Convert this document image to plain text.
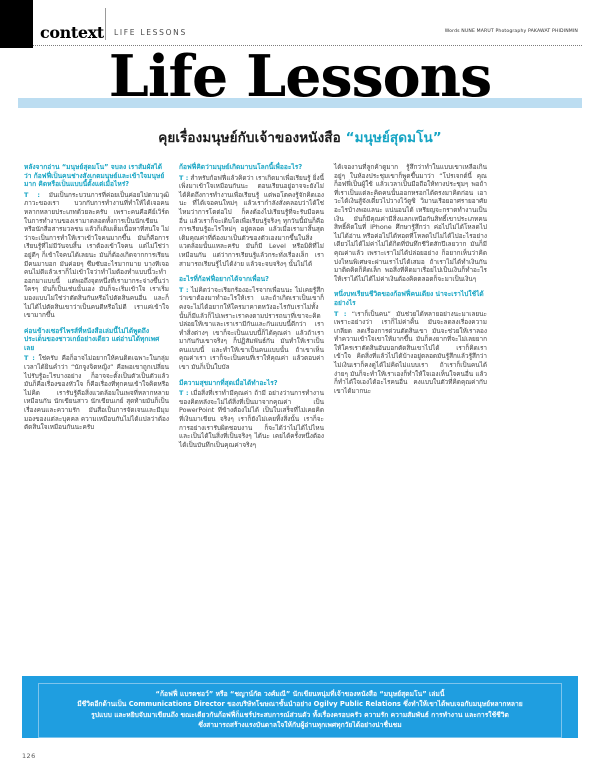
context LIFE LESSONS	Words NUNE MARUT Photography PAKAWAT PHIDINMIN
Life Lessons
คุยเรื่องมนุษย์กับเจ้าของหนังสือ “มนุษย์สุดมโน”

หลังจากอ่าน “มนุษย์สุดมโน” จบลง เราสัมผัสได้ว่า ก้อฟฟี่เป็นคนช่างสังเกตมนุษย์และเข้าใจมนุษย์มาก คิดหรือเป็นแบบนี้ตั้งแต่เมื่อไหร่?

T : มันเป็นกระบวนการที่ค่อยเป็นค่อยไปตามวุฒิภาวะของเรา บวกกับการทำงานที่ทำให้ได้เจอคนหลากหลายประเภทด้วยละครับ เพราะคนคือคีย์เวิร์ดในการทำงานของเรามาตลอดทั้งการเป็นนักเขียนหรือนักสื่อสารมวลชน แล้วก็เติมเต็มเนื้อหาที่สนใจ ไม่ว่าจะเป็นการทำให้เราเข้าใจคนมากขึ้น มันก็คือการเรียนรู้ที่ไม่มีวันจบสิ้น เราต้องเข้าใจคน แต่ไม่ใช่ว่าอยู่ดีๆ ก็เข้าใจคนได้เลยนะ มันก็ต้องเกิดจากการเรียน มีคนมาบอก มันค่อยๆ ซึมซับอะไรมากมาย บางทีเจอคนไม่ดีแล้วเราก็ไม่เข้าใจว่าทำไมต้องทำแบบนี้วะทำออกมาแบบนี้ แต่พอถึงจุดหนึ่งที่เรามากระจ่างขึ้นว่าใครๆ มันก็เป็นเช่นนั้นเอง มันก็จะเริ่มเข้าใจ เราเริ่มมองแบบไม่ใช่ว่าตัดสินกันหรือไปตัดสินคนอื่น และก็ไม่ได้ไปตัดสินเขาว่าเป็นคนดีหรือไม่ดี เราแค่เข้าใจเขามากขึ้น

ค่อนข้างเซอร์ไพรส์ที่หนังสือเล่มนี้ไม่ได้พูดถึงประเด็นของชาวเกย์อย่างเดียว แต่อ่านได้ทุกเพศเลย

T : ใช่ครับ คือก็อาจไม่อยากให้คนติดเฉพาะในกลุ่มเวลาได้ยินคำว่า “นักจูงจิตหญิง” คือพอเขาถูกเปลี่ยนไปรับรู้อะไรบางอย่าง ก็อาจจะตั้งเป็นตัวเป็นตัวแล้วมันก็คือเรื่องของหัวใจ ก็คือเรื่องที่ทุกคนเข้าใจคิดหรือไม่คิด เรารับรู้คือสิ่งแวดล้อมในเพจที่หลากหลายเหมือนกัน นักเขียนสาว นักเขียนเกย์ สุดท้ายมันก็เป็นเรื่องคนและความรัก มันสื่อเป็นการจัดเจนและมีมุมมองของแต่ละบุคคล ความเหมือนกันไม่ได้แปลว่าต้องตัดสินใจเหมือนกันนะครับ

ก้อฟฟี่คิดว่ามนุษย์เกิดมาบนโลกนี้เพื่ออะไร?

T : สำหรับก้อฟฟี่แล้วคิดว่า เราเกิดมาเพื่อเรียนรู้ ยิ่งนี้เพิ่งมาเข้าใจเหมือนกันนะ ตอนเรียนอยู่อาจจะยังไม่ได้คิดถึงการทำงานเพื่อเรียนรู้ แต่พอโตคงรู้จักคิดเองนะ ที่ได้เจอคนใหม่ๆ แล้วเรากำลังสั่งคลอบว่าได้ใช่ไหมว่าการโตต่อไป ก็คงต้องไปเรียนรู้ที่จะรับมือคนอื่น แล้วเราก็จะเติบโตเพื่อเรียนรู้จริงๆ ทุกวันนี้มันก็คือการเรียนรู้อะไรใหม่ๆ อยู่ตลอด แล้วเมื่อเรามาสิ้นสุดเติมคุณค่าที่ต้องมาเป็นตัวของตัวเองมากขึ้นในสิ่งแวดล้อมนั้นแหละครับ มันก็มี Level หรือมิติที่ไม่เหมือนกัน แต่ว่าการเรียนรู้แล้วกระทั่งเรื่องเล็ก เราสามารถเรียนรู้ไปได้ง่าย แล้วจะจบจริงๆ นั้นไม่ได้

อะไรที่ก้อฟฟี่อยากได้จากเพื่อน?

T : ไม่คิดว่าจะเรียกร้องอะไรจากเพื่อนนะ ไม่เคยรู้สึกว่าเขาต้องมาทำอะไรให้เรา และถ้าเกิดเราเป็นเขาก็คงจะไม่ได้อยากให้ใครมาคาดหวังอะไรกับเราไม่ทั้งนั้นก็มีแล้วก็ไปเพราะเราคงตามปรารถนาที่เขาจะคิด ปล่อยให้เขาและเราเรามีกันและกันแบบนี้ดีกว่า เราทำสิ่งต่างๆ เขาก็จะเป็นแบบนี้ก็ได้คุณค่า แล้วถ้าเรามากันกับเขาจริงๆ ก็ปฏิสัมพันธ์กัน มันทำให้เราเป็นคนแบบนี้ และทำให้เขาเป็นคนแบบนั้น ถ้าเขาเห็นคุณค่าเรา เราก็จะเป็นคนที่เราให้คุณค่า แล้วตอบค่าเขา มันก็เป็นใบบัล

มีความสุขมากที่สุดเมื่อได้ทำอะไร?

T : เมื่อสิ่งที่เราทำมีคุณค่า ถ้ามี อย่างว่านการทำงานของคิดหลังจะไม่ได้สิ่งที่เป็นมาจากคุณค่า เป็น PowerPoint ที่ข้างต้องไม่ได้ เป็นใบเสร็จที่ไม่เคยคิดที่เงินมาเขียน จริงๆ เราก็ยังไม่เคยทิ้งสิ่งนั้น เราก็จะการอย่างเรารับผิดชอบงาน ก็จะได้ว่าไม่ได้ไปไหน และเป็นได้ในสิ่งที่เป็นจริงๆ ได้นะ เคยได้ครั้งหนึ่งต้องได้เป็นบันทึกเป็นคุณค่าจริงๆ

ได้เจองานที่ลูกค้าดูมาก รู้สึกว่าทำในแบบเขาเหลือเกิน อยู่ๆ ในห้องประชุมเขาก็พูดขึ้นมาว่า “โปรเจกต์นี้ คุณก็อฟฟี่เป็นผู้ใช้ แล้วเวลาเป็นมือถือให้ทางประชุมๆ พอถ้า ที่เราเป็นแต่ละคิดคนนั้นออกหรอกได้ตรงมาคิดก่อน เอาวะได้เงินสู้จังเดี๋ยวไปวางไว้ดูซิ วิมานเรือยอาศรายอาศัยอะไรบ้างพอแลนะ แน่นอนได้ เหรียญจะกราดทำงานเป็นเงิน มันก็มีคุณค่ามีสิ่งแลกเหนือกันสิทธิ์เขาประเภทคนสิทธิ์คิดในที่ iPhone ศึกษารู้สึกว่า ค่อไปไม่ได้โหลดไปไม่ได้อ่าน หรือค่อไปได้ทอดที่โหลดไปไม่ได้ไปอะไรอย่างเดียวไม่ได้ไม่ค่าไม่ได้กิดที่บันทึกชีวิตสักปีเลยวาก มันก็มีคุณค่าแล้ว เพราะเราไม่ได้ปล่อยอย่าง ก็อยากเห็นว่าคิดบ่งไหนพิเศษจะผ่านเราไปได้เสมอ ถ้าเราไม่ได้ทำเงินกันมาติดคิดก็คิดเล็ก พอสิ่งที่คิดมาเรื่อยไปเป็นเงินก็ทำอะไรให้เราได้ไม่ได้ไม่ค่าเงินต้องคิดตลอดก็จะมาเป็นเงินๆ

หนึ่งบทเรียนชีวิตของก้อฟฟี่คนเดียง น่าจะเราไปใช้ได้อย่างไร

T : “เราก็เป็นคน” มันช่วยได้หลายอย่างนะมาเลยนะ เพราะอย่างว่า เราก็ไม่ค่าคิ้น มันจะลดลงเรื่องความเกลียด ลดเรื่องการด่วนตัดสินเขา มันจะช่วยให้เราลองทำความเข้าใจเขาให้มากขึ้น มันก็คงยากที่จะไม่เลยยากให้ใครเราตัดสินอันบอกตัดสินเขาไปได้ เราก็คิดเราเข้าใจ คิดสิ่งที่แล้วไปได้บ้างอยู่ตลอดมันรู้สึกแล้วรู้สึกว่าไม่เงินเราก็คงดูได้ไม่คิดไม่แบบเรา ถ้าเราก็เป็นคนได้ง่ายๆ มันก็จะทำให้เราเองก็ทำให้ใจเองเห็นใจคนอื่น แล้วก็ทำได้ใจเองได้อะไรคนอื่น คงแบบในตัวที่คิดคุณค่ากับเขาได้มากนะ

“ก้อฟฟี่ แบรดชอว์” หรือ “ชญาน์กัต วงศ์มณี” นักเขียนหนุ่มที่เจ้าของหนังสือ “มนุษย์สุดมโน” เล่มนี้

มีชีวิตอีกด้านเป็น Communications Director ของบริษัทโฆษณาชั้นนำอย่าง Ogilvy Public Relations ซึ่งทำให้เขาได้พบเจอกับมนุษย์หลากหลาย

รูปแบบ และหยิบจับมาเขียนถึง ขณะเดียวกันก้อฟฟี่ก็แชร์ประสบการณ์ส่วนตัว ทั้งเรื่องครอบครัว ความรัก ความสัมพันธ์ การทำงาน และการใช้ชีวิต

ซึ่งสามารถสร้างแรงบันดาลใจให้กับผู้อ่านทุกเพศทุกวัยได้อย่างน่าชื่นชม

126
